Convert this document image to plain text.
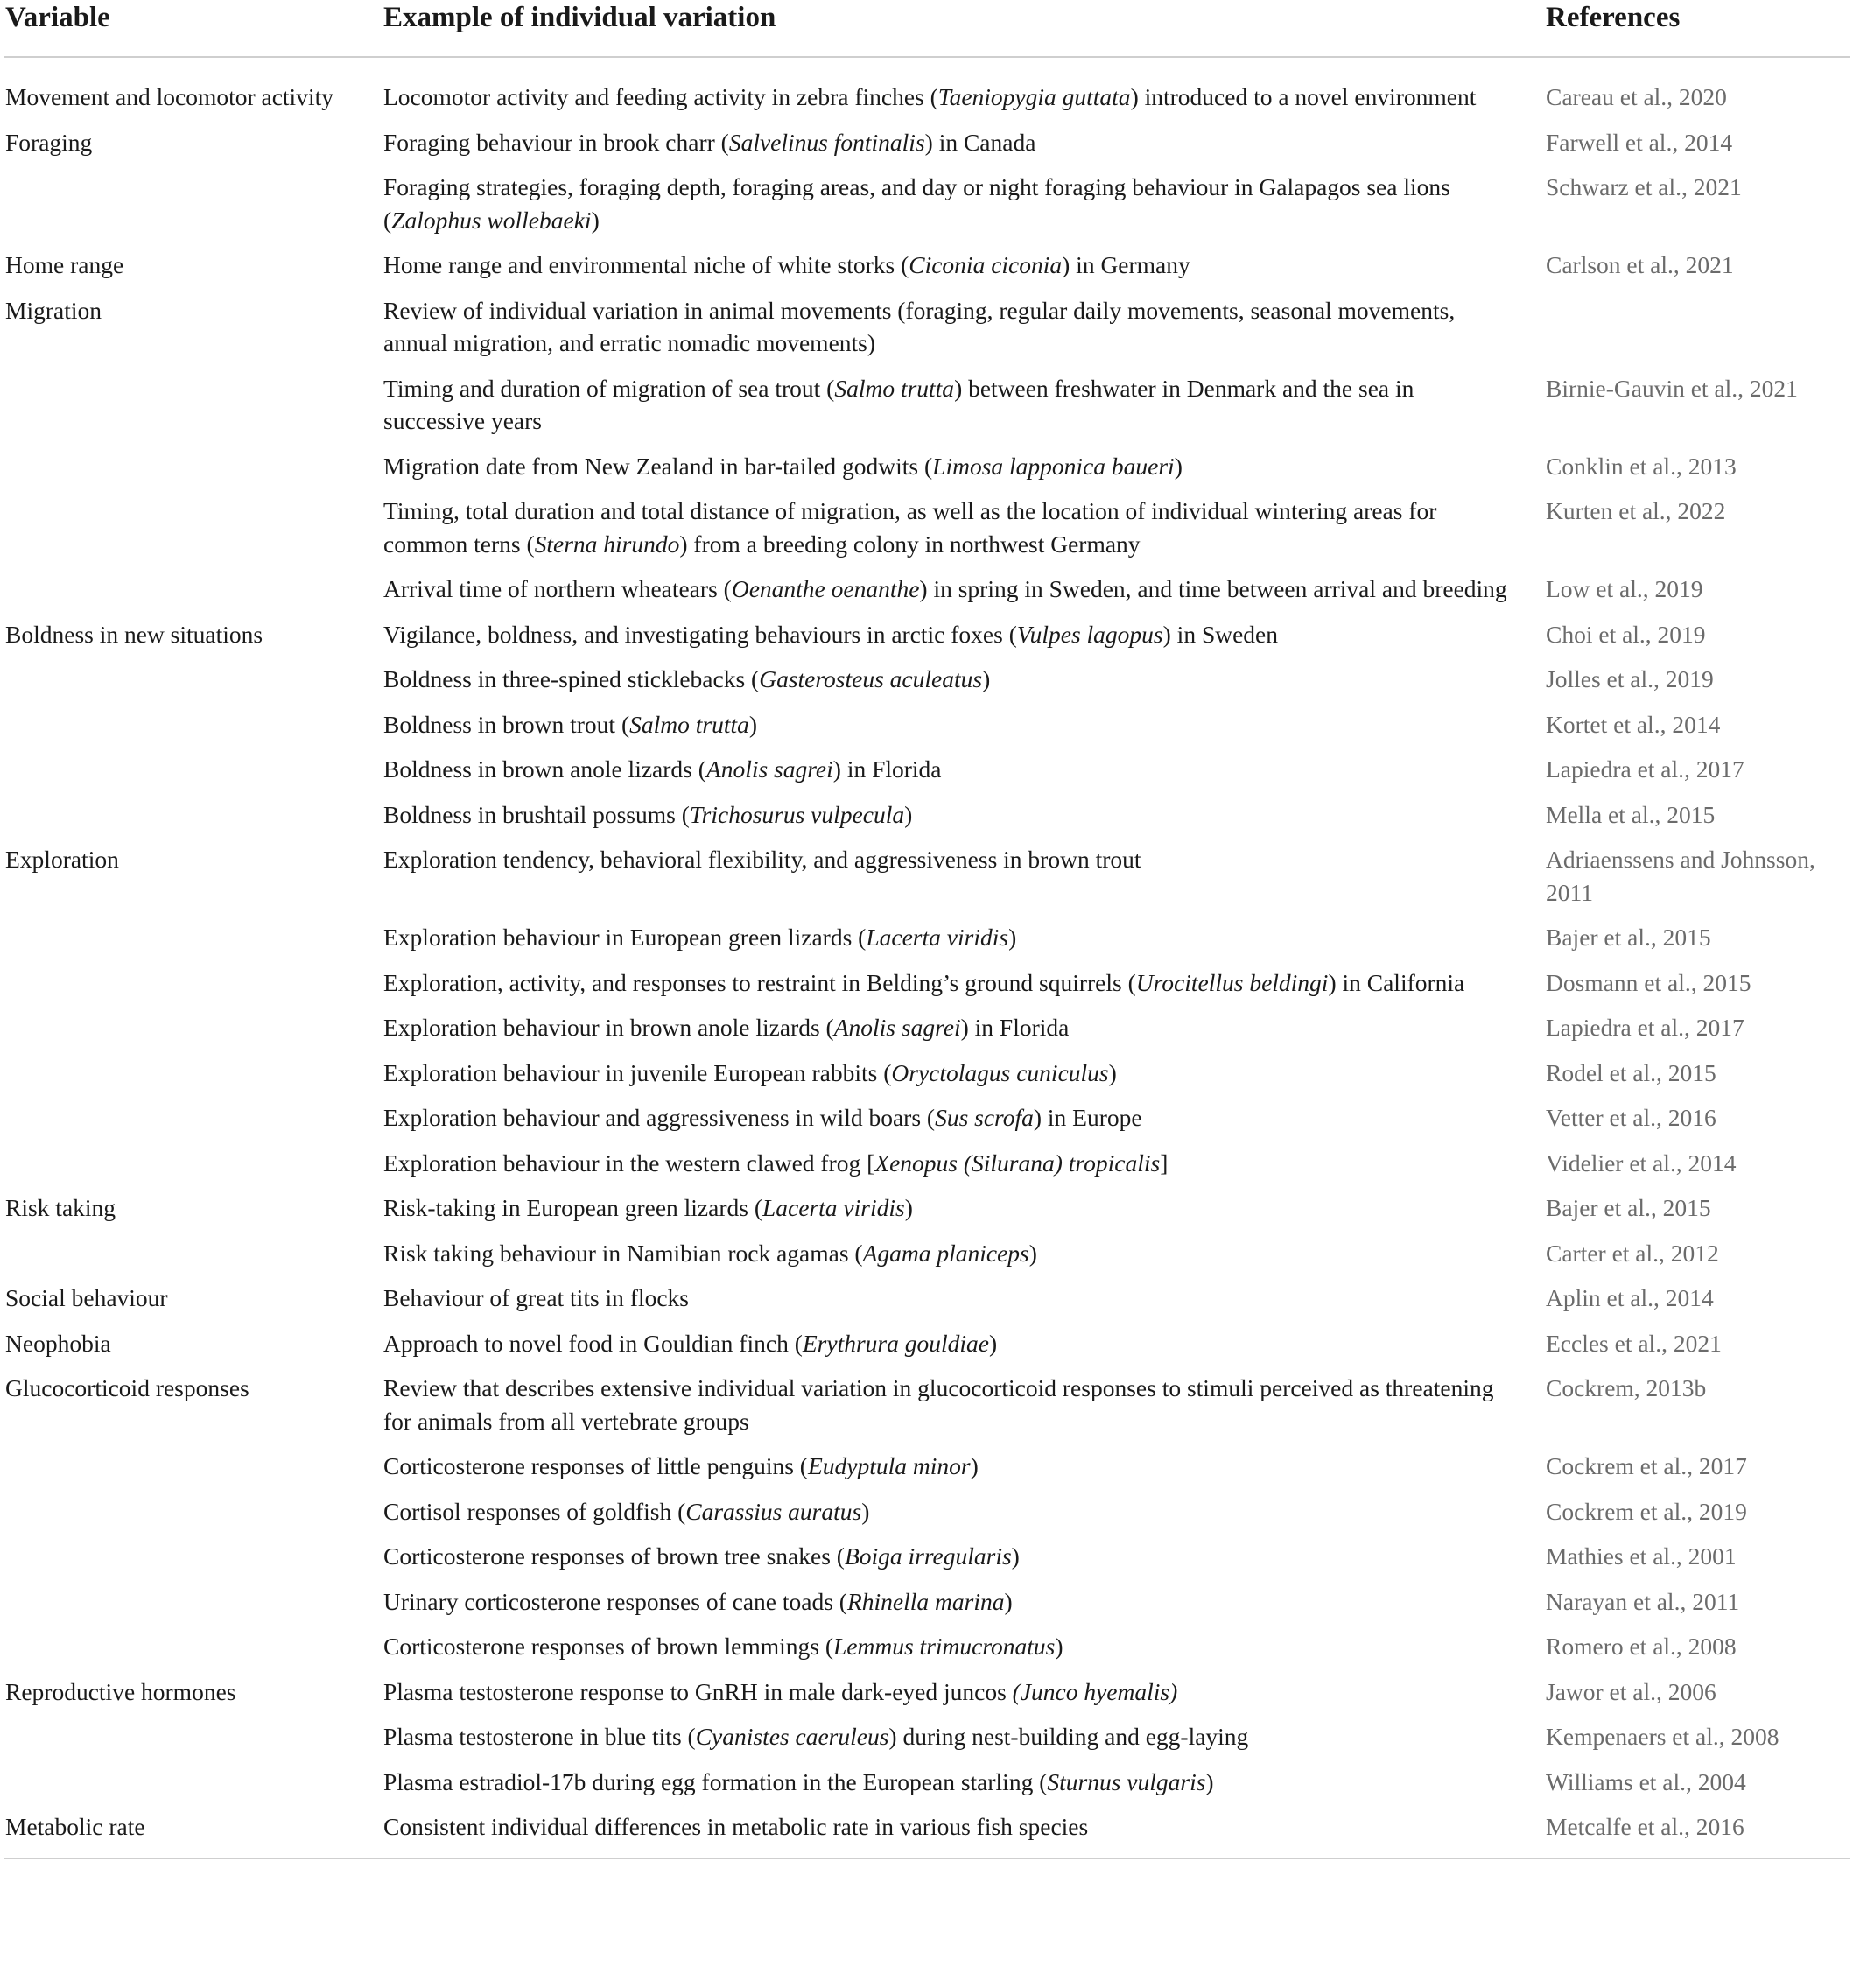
Variable	Example of individual variation	References
Movement and locomotor activity	Locomotor activity and feeding activity in zebra finches (Taeniopygia guttata) introduced to a novel environment	Careau et al., 2020
Foraging	Foraging behaviour in brook charr (Salvelinus fontinalis) in Canada	Farwell et al., 2014
	Foraging strategies, foraging depth, foraging areas, and day or night foraging behaviour in Galapagos sea lions (Zalophus wollebaeki)	Schwarz et al., 2021
Home range	Home range and environmental niche of white storks (Ciconia ciconia) in Germany	Carlson et al., 2021
Migration	Review of individual variation in animal movements (foraging, regular daily movements, seasonal movements, annual migration, and erratic nomadic movements)	
	Timing and duration of migration of sea trout (Salmo trutta) between freshwater in Denmark and the sea in successive years	Birnie-Gauvin et al., 2021
	Migration date from New Zealand in bar-tailed godwits (Limosa lapponica baueri)	Conklin et al., 2013
	Timing, total duration and total distance of migration, as well as the location of individual wintering areas for common terns (Sterna hirundo) from a breeding colony in northwest Germany	Kurten et al., 2022
	Arrival time of northern wheatears (Oenanthe oenanthe) in spring in Sweden, and time between arrival and breeding	Low et al., 2019
Boldness in new situations	Vigilance, boldness, and investigating behaviours in arctic foxes (Vulpes lagopus) in Sweden	Choi et al., 2019
	Boldness in three-spined sticklebacks (Gasterosteus aculeatus)	Jolles et al., 2019
	Boldness in brown trout (Salmo trutta)	Kortet et al., 2014
	Boldness in brown anole lizards (Anolis sagrei) in Florida	Lapiedra et al., 2017
	Boldness in brushtail possums (Trichosurus vulpecula)	Mella et al., 2015
Exploration	Exploration tendency, behavioral flexibility, and aggressiveness in brown trout	Adriaenssens and Johnsson, 2011
	Exploration behaviour in European green lizards (Lacerta viridis)	Bajer et al., 2015
	Exploration, activity, and responses to restraint in Belding’s ground squirrels (Urocitellus beldingi) in California	Dosmann et al., 2015
	Exploration behaviour in brown anole lizards (Anolis sagrei) in Florida	Lapiedra et al., 2017
	Exploration behaviour in juvenile European rabbits (Oryctolagus cuniculus)	Rodel et al., 2015
	Exploration behaviour and aggressiveness in wild boars (Sus scrofa) in Europe	Vetter et al., 2016
	Exploration behaviour in the western clawed frog [Xenopus (Silurana) tropicalis]	Videlier et al., 2014
Risk taking	Risk-taking in European green lizards (Lacerta viridis)	Bajer et al., 2015
	Risk taking behaviour in Namibian rock agamas (Agama planiceps)	Carter et al., 2012
Social behaviour	Behaviour of great tits in flocks	Aplin et al., 2014
Neophobia	Approach to novel food in Gouldian finch (Erythrura gouldiae)	Eccles et al., 2021
Glucocorticoid responses	Review that describes extensive individual variation in glucocorticoid responses to stimuli perceived as threatening for animals from all vertebrate groups	Cockrem, 2013b
	Corticosterone responses of little penguins (Eudyptula minor)	Cockrem et al., 2017
	Cortisol responses of goldfish (Carassius auratus)	Cockrem et al., 2019
	Corticosterone responses of brown tree snakes (Boiga irregularis)	Mathies et al., 2001
	Urinary corticosterone responses of cane toads (Rhinella marina)	Narayan et al., 2011
	Corticosterone responses of brown lemmings (Lemmus trimucronatus)	Romero et al., 2008
Reproductive hormones	Plasma testosterone response to GnRH in male dark-eyed juncos (Junco hyemalis)	Jawor et al., 2006
	Plasma testosterone in blue tits (Cyanistes caeruleus) during nest-building and egg-laying	Kempenaers et al., 2008
	Plasma estradiol-17b during egg formation in the European starling (Sturnus vulgaris)	Williams et al., 2004
Metabolic rate	Consistent individual differences in metabolic rate in various fish species	Metcalfe et al., 2016
